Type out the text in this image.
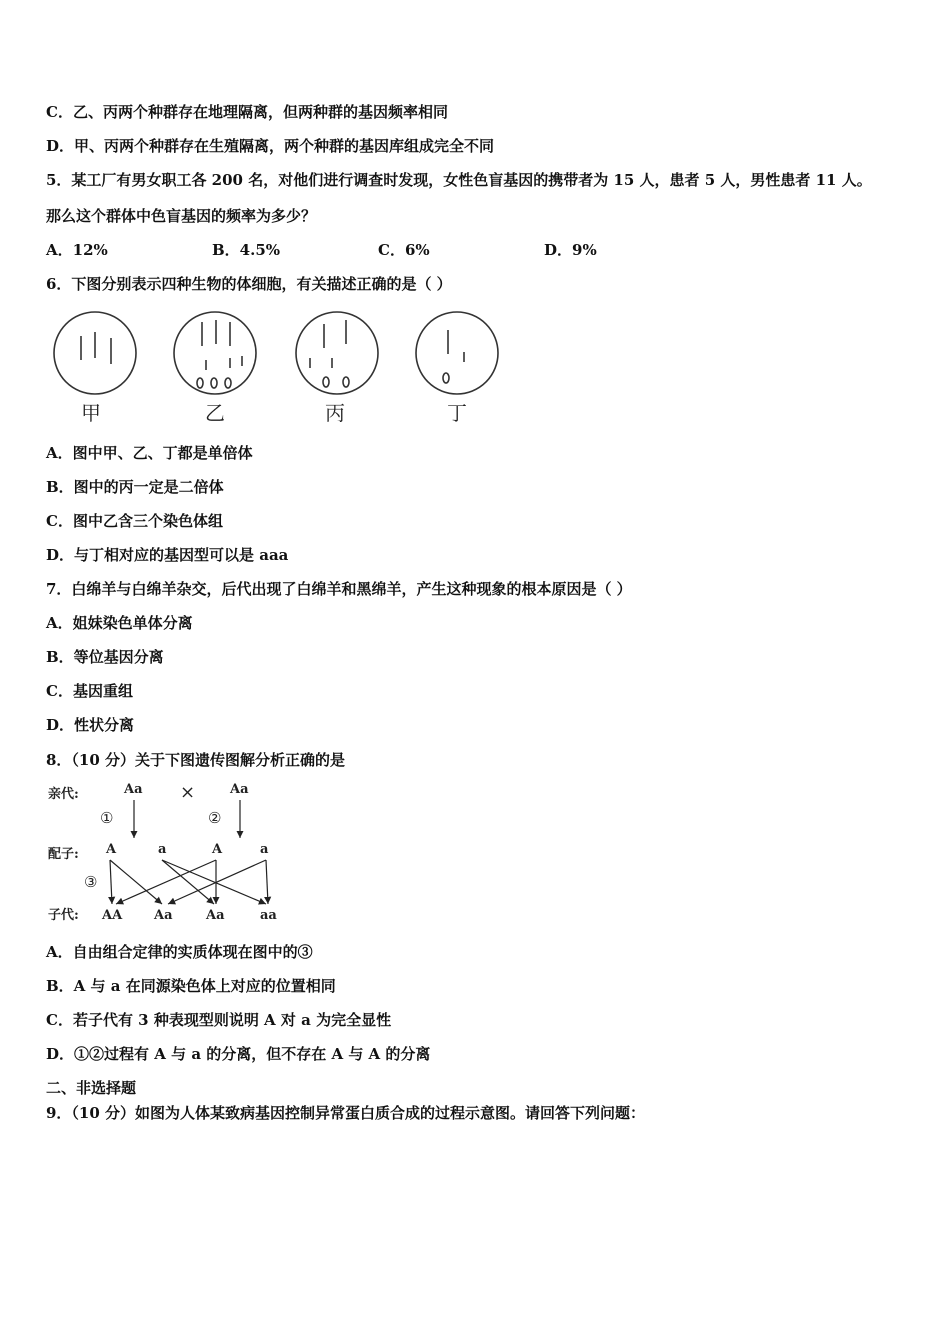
C．乙、丙两个种群存在地理隔离，但两种群的基因频率相同
D．甲、丙两个种群存在生殖隔离，两个种群的基因库组成完全不同
5．某工厂有男女职工各 200 名，对他们进行调查时发现，女性色盲基因的携带者为 15 人，患者 5 人，男性患者 11 人。
那么这个群体中色盲基因的频率为多少？
A．12%	B．4.5%	C．6%	D．9%
6．下图分别表示四种生物的体细胞，有关描述正确的是（ ）
甲	乙	丙	丁
A．图中甲、乙、丁都是单倍体
B．图中的丙一定是二倍体
C．图中乙含三个染色体组
D．与丁相对应的基因型可以是 aaa
7．白绵羊与白绵羊杂交，后代出现了白绵羊和黑绵羊，产生这种现象的根本原因是（ ）
A．姐妹染色单体分离
B．等位基因分离
C．基因重组
D．性状分离
8．（10 分）关于下图遗传图解分析正确的是
亲代:	Aa ×	Aa
①	②
配子: A	a	A	a
③
子代: AA Aa	Aa	aa
A．自由组合定律的实质体现在图中的③
B．A 与 a 在同源染色体上对应的位置相同
C．若子代有 3 种表现型则说明 A 对 a 为完全显性
D．①②过程有 A 与 a 的分离，但不存在 A 与 A 的分离
二、非选择题
9．（10 分）如图为人体某致病基因控制异常蛋白质合成的过程示意图。请回答下列问题：
